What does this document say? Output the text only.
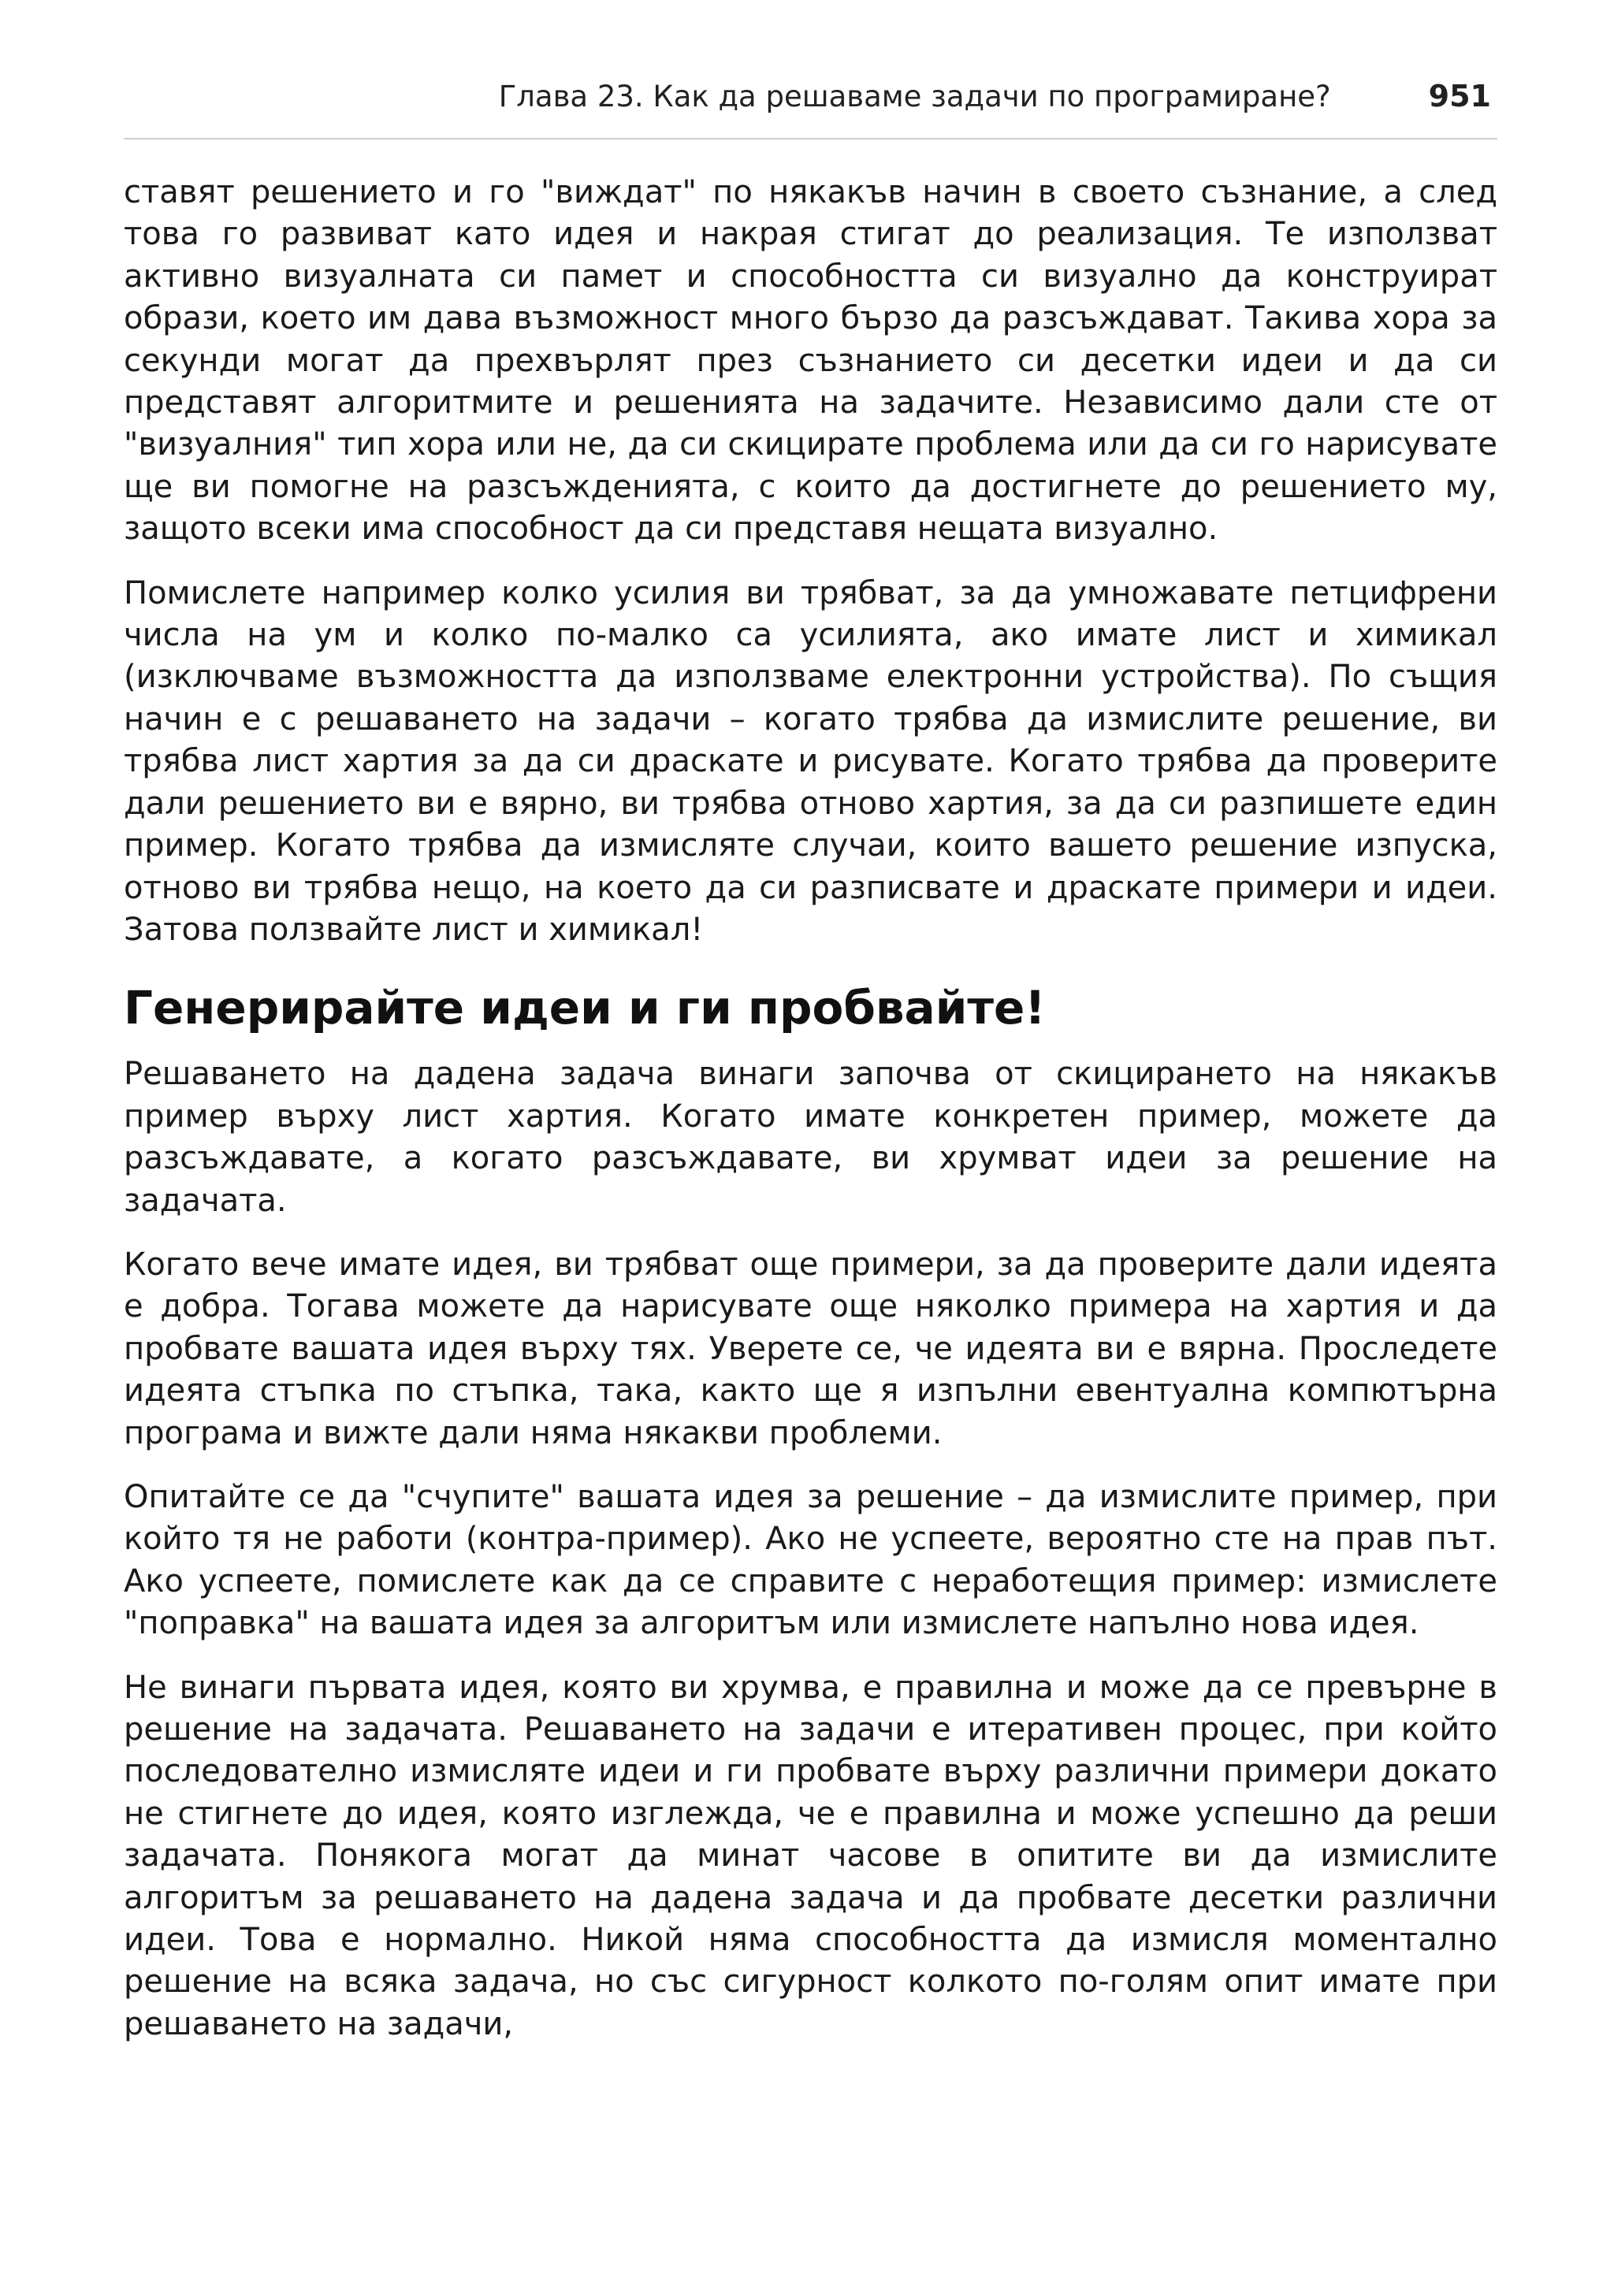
Глава 23. Как да решаваме задачи по програмиране?	951

ставят решението и го "виждат" по някакъв начин в своето съзнание, а след това го развиват като идея и накрая стигат до реализация. Те използват активно визуалната си памет и способността си визуално да конструират образи, което им дава възможност много бързо да разсъждават. Такива хора за секунди могат да прехвърлят през съзнанието си десетки идеи и да си представят алгоритмите и решенията на задачите. Независимо дали сте от "визуалния" тип хора или не, да си скицирате проблема или да си го нарисувате ще ви помогне на разсъжденията, с които да достигнете до решението му, защото всеки има способност да си представя нещата визуално.

Помислете например колко усилия ви трябват, за да умножавате петцифрени числа на ум и колко по-малко са усилията, ако имате лист и химикал (изключваме възможността да използваме електронни устройства). По същия начин е с решаването на задачи – когато трябва да измислите решение, ви трябва лист хартия за да си драскате и рисувате. Когато трябва да проверите дали решението ви е вярно, ви трябва отново хартия, за да си разпишете един пример. Когато трябва да измисляте случаи, които вашето решение изпуска, отново ви трябва нещо, на което да си разписвате и драскате примери и идеи. Затова ползвайте лист и химикал!

Генерирайте идеи и ги пробвайте!

Решаването на дадена задача винаги започва от скицирането на някакъв пример върху лист хартия. Когато имате конкретен пример, можете да разсъждавате, а когато разсъждавате, ви хрумват идеи за решение на задачата.

Когато вече имате идея, ви трябват още примери, за да проверите дали идеята е добра. Тогава можете да нарисувате още няколко примера на хартия и да пробвате вашата идея върху тях. Уверете се, че идеята ви е вярна. Проследете идеята стъпка по стъпка, така, както ще я изпълни евентуална компютърна програма и вижте дали няма някакви проблеми.

Опитайте се да "счупите" вашата идея за решение – да измислите пример, при който тя не работи (контра-пример). Ако не успеете, вероятно сте на прав път. Ако успеете, помислете как да се справите с неработещия пример: измислете "поправка" на вашата идея за алгоритъм или измислете напълно нова идея.

Не винаги първата идея, която ви хрумва, е правилна и може да се превърне в решение на задачата. Решаването на задачи е итеративен процес, при който последователно измисляте идеи и ги пробвате върху различни примери докато не стигнете до идея, която изглежда, че е правилна и може успешно да реши задачата. Понякога могат да минат часове в опитите ви да измислите алгоритъм за решаването на дадена задача и да пробвате десетки различни идеи. Това е нормално. Никой няма способността да измисля моментално решение на всяка задача, но със сигурност колкото по-голям опит имате при решаването на задачи,
